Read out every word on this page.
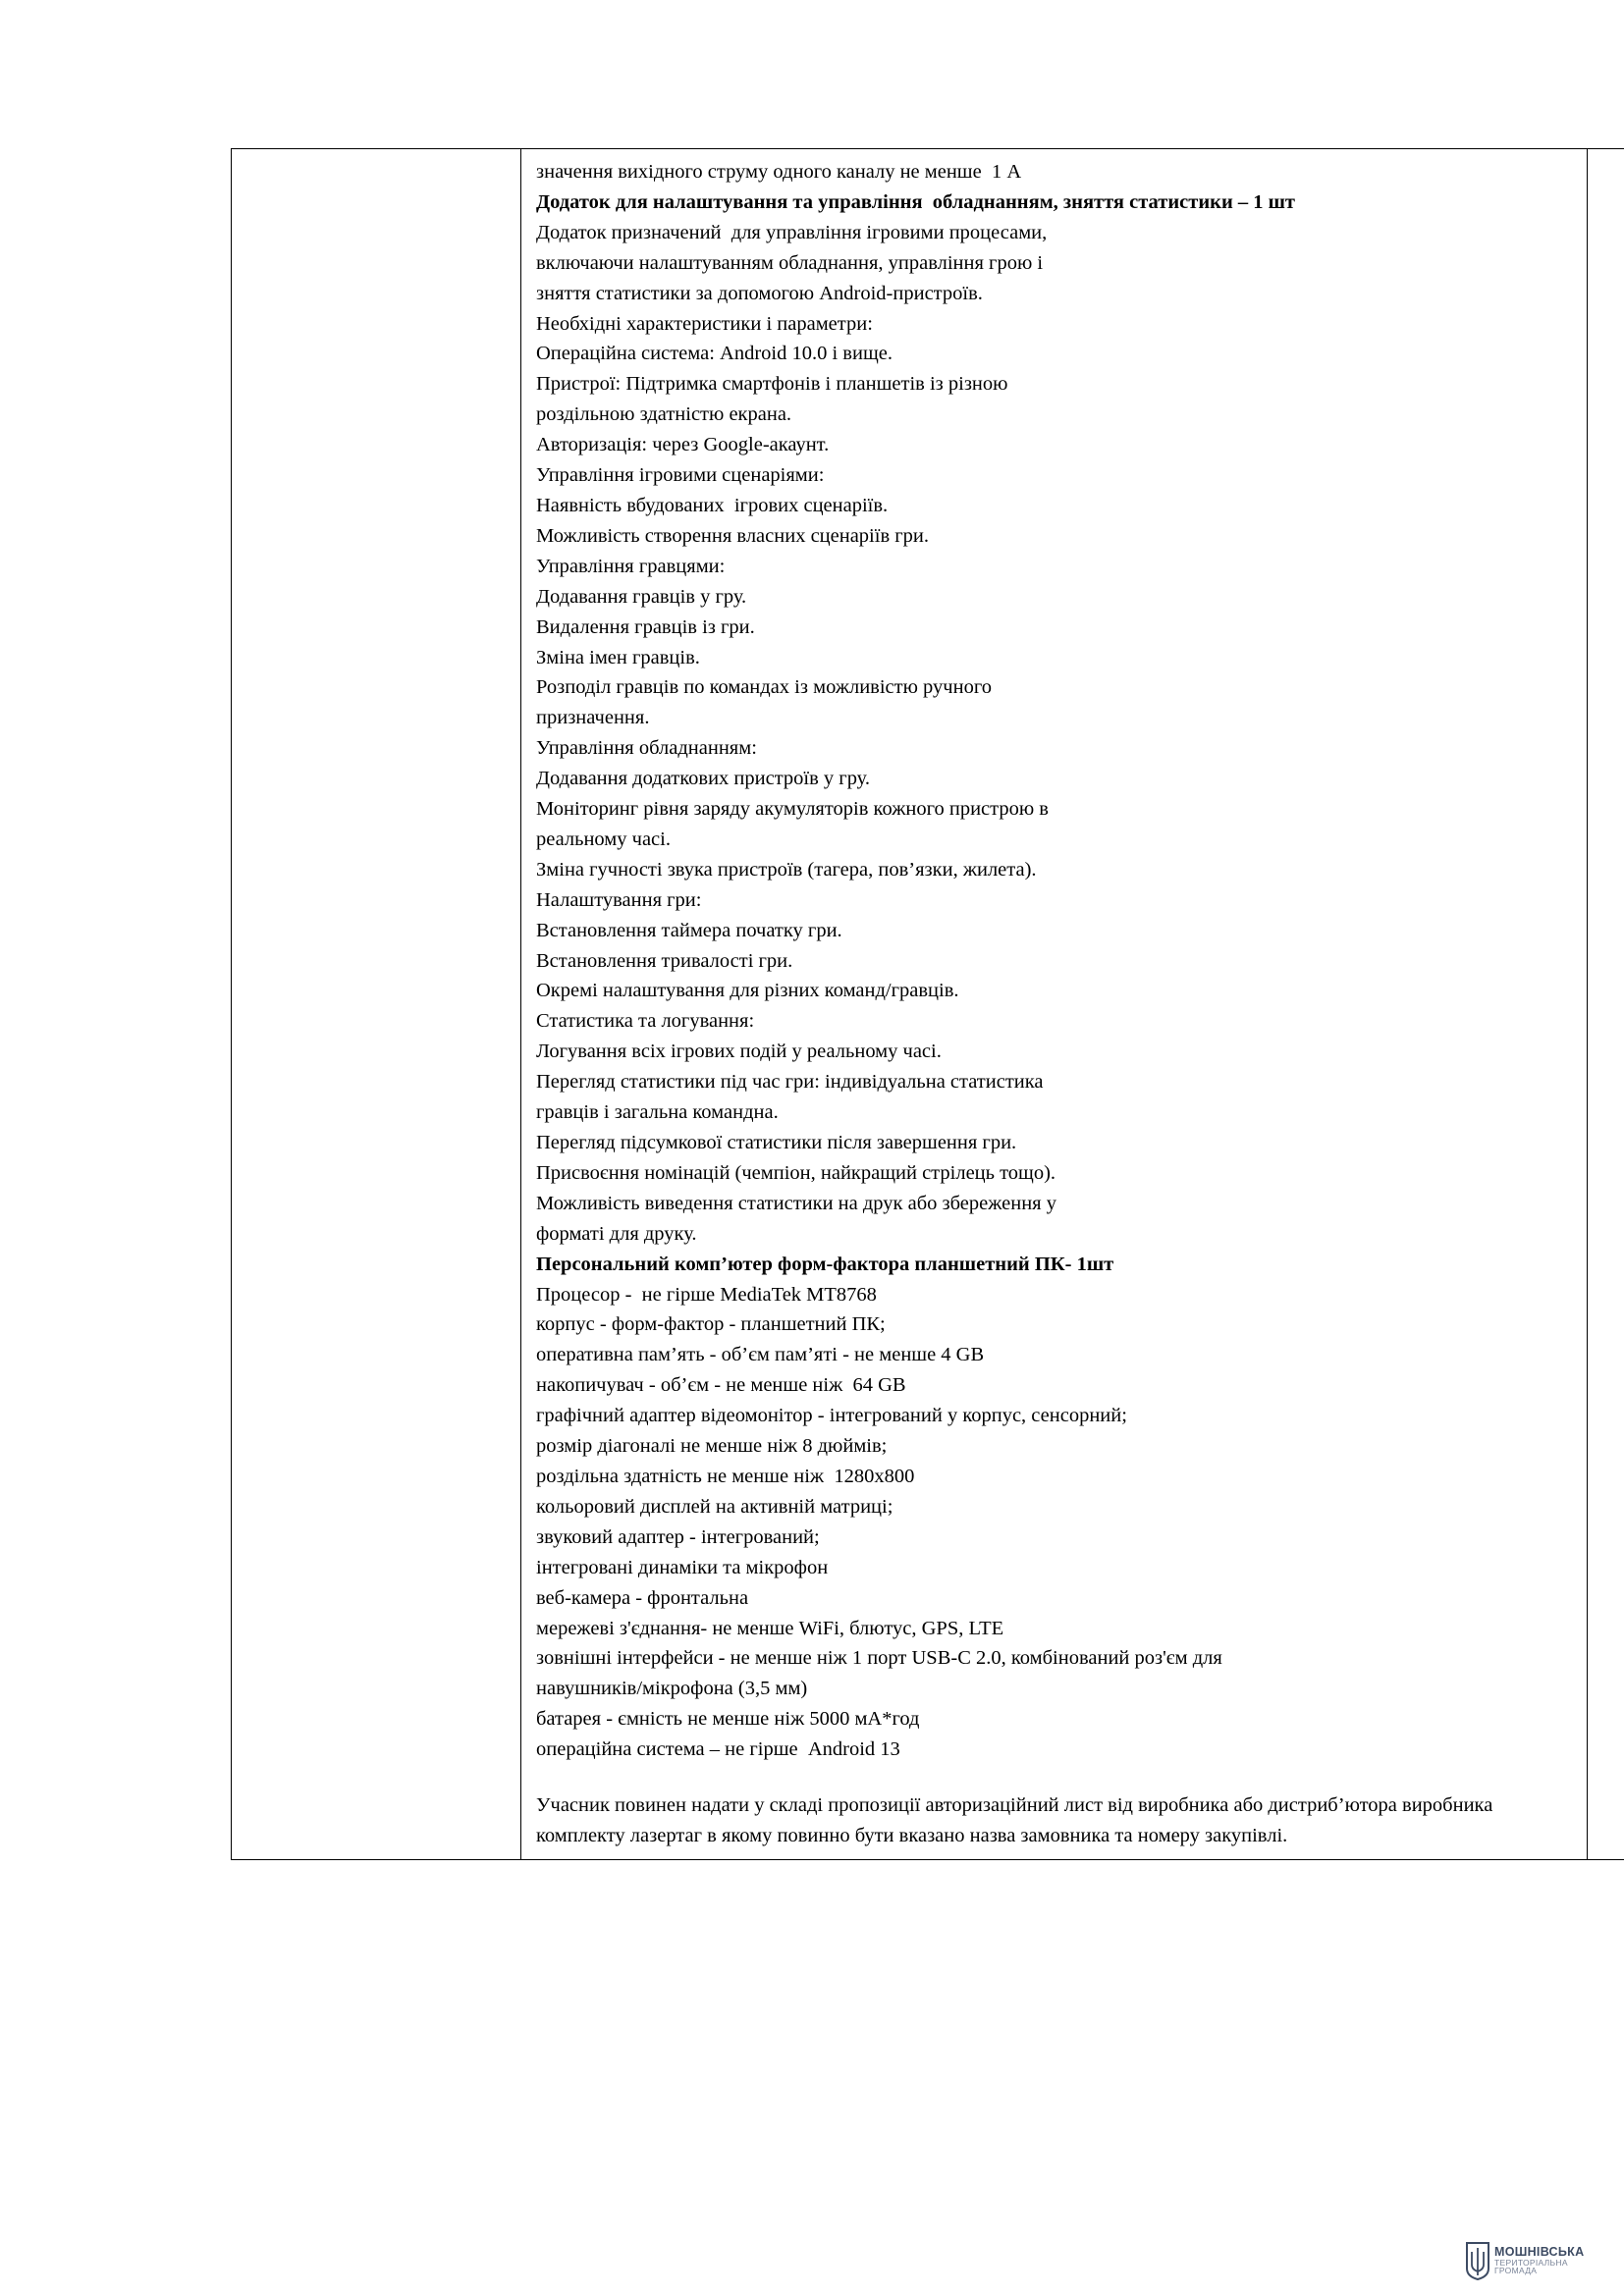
значення вихідного струму одного каналу не менше  1 А
Додаток для налаштування та управління  обладнанням, зняття статистики – 1 шт
Додаток призначений  для управління ігровими процесами,
включаючи налаштуванням обладнання, управління грою і
зняття статистики за допомогою Android-пристроїв.
Необхідні характеристики і параметри:
Операційна система: Android 10.0 і вище.
Пристрої: Підтримка смартфонів і планшетів із різною
роздільною здатністю екрана.
Авторизація: через Google-акаунт.
Управління ігровими сценаріями:
Наявність вбудованих  ігрових сценаріїв.
Можливість створення власних сценаріїв гри.
Управління гравцями:
Додавання гравців у гру.
Видалення гравців із гри.
Зміна імен гравців.
Розподіл гравців по командах із можливістю ручного
призначення.
Управління обладнанням:
Додавання додаткових пристроїв у гру.
Моніторинг рівня заряду акумуляторів кожного пристрою в
реальному часі.
Зміна гучності звука пристроїв (тагера, пов’язки, жилета).
Налаштування гри:
Встановлення таймера початку гри.
Встановлення тривалості гри.
Окремі налаштування для різних команд/гравців.
Статистика та логування:
Логування всіх ігрових подій у реальному часі.
Перегляд статистики під час гри: індивідуальна статистика
гравців і загальна командна.
Перегляд підсумкової статистики після завершення гри.
Присвоєння номінацій (чемпіон, найкращий стрілець тощо).
Можливість виведення статистики на друк або збереження у
форматі для друку.
Персональний комп’ютер форм-фактора планшетний ПК- 1шт
Процесор -  не гірше MediaTek MT8768
корпус - форм-фактор - планшетний ПК;
оперативна пам’ять - об’єм пам’яті - не менше 4 GB
накопичувач - об’єм - не менше ніж  64 GB
графічний адаптер відеомонітор - інтегрований у корпус, сенсорний;
розмір діагоналі не менше ніж 8 дюймів;
роздільна здатність не менше ніж  1280х800
кольоровий дисплей на активній матриці;
звуковий адаптер - інтегрований;
інтегровані динаміки та мікрофон
веб-камера - фронтальна
мережеві з'єднання- не менше WiFi, блютус, GPS, LTE
зовнішні інтерфейси - не менше ніж 1 порт USB-C 2.0, комбінований роз'єм для
навушників/мікрофона (3,5 мм)
батарея - ємність не менше ніж 5000 мА*год
операційна система – не гірше  Android 13
Учасник повинен надати у складі пропозиції авторизаційний лист від виробника або дистриб’ютора виробника комплекту лазертаг в якому повинно бути вказано назва замовника та номеру закупівлі.

МОШНІВСЬКА
ТЕРИТОРІАЛЬНА
ГРОМАДА
